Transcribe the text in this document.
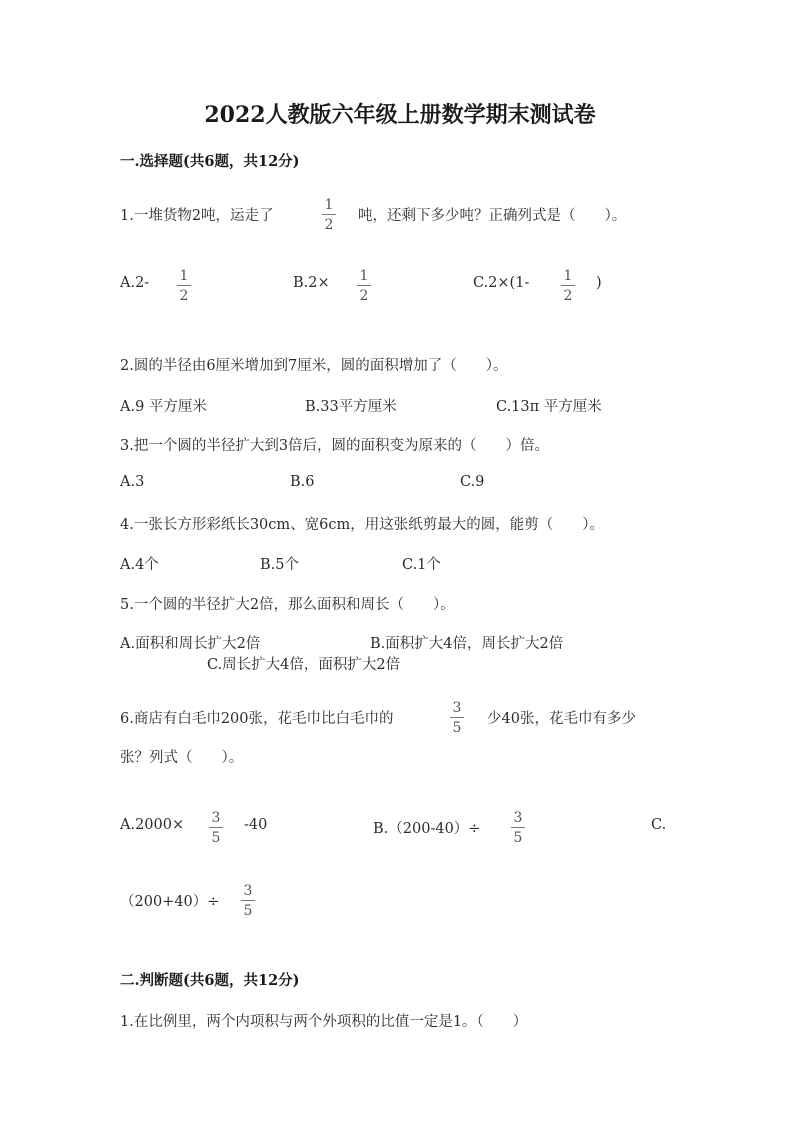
2022人教版六年级上册数学期末测试卷
一.选择题(共6题，共12分)
1.一堆货物2吨，运走了
1
2
吨，还剩下多少吨？正确列式是（　　）。
A.2- 1
2
B.2× 1
2
C.2×(1- 1
2
)
2.圆的半径由6厘米增加到7厘米，圆的面积增加了（　　）。
A.9 平方厘米	B.33平方厘米	C.13π 平方厘米
3.把一个圆的半径扩大到3倍后，圆的面积变为原来的（　　）倍。
A.3	B.6	C.9
4.一张长方形彩纸长30cm、宽6cm，用这张纸剪最大的圆，能剪（　　）。
A.4个	B.5个	C.1个
5.一个圆的半径扩大2倍，那么面积和周长（　　）。
A.面积和周长扩大2倍	B.面积扩大4倍，周长扩大2倍
C.周长扩大4倍，面积扩大2倍
6.商店有白毛巾200张，花毛巾比白毛巾的
3
5
少40张，花毛巾有多少
张？列式（　　）。
A.2000× 3
5
-40	B.（200-40）÷
3
5
C.
（200+40）÷
3
5
二.判断题(共6题，共12分)
1.在比例里，两个内项积与两个外项积的比值一定是1。（　　）
